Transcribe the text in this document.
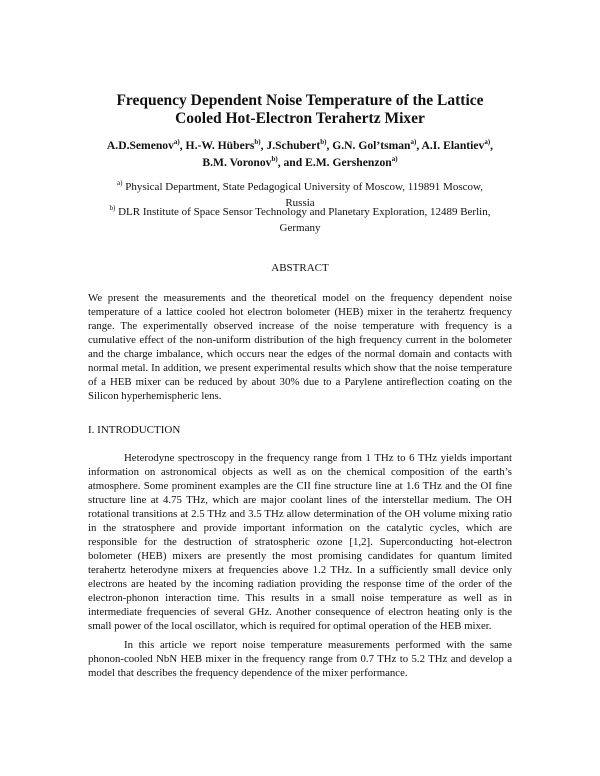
Frequency Dependent Noise Temperature of the Lattice
Cooled Hot-Electron Terahertz Mixer
A.D.Semenov$^{a)}$, H.-W. Hübers$^{b)}$, J.Schubert$^{b)}$, G.N. Gol’tsman$^{a)}$, A.I. Elantiev$^{a)}$,
B.M. Voronov$^{b)}$, and E.M. Gershenzon$^{a)}$
$^{a)}$ Physical Department, State Pedagogical University of Moscow, 119891 Moscow,
Russia
$^{b)}$ DLR Institute of Space Sensor Technology and Planetary Exploration, 12489 Berlin,
Germany
ABSTRACT

We present the measurements and the theoretical model on the frequency dependent noise temperature of a lattice cooled hot electron bolometer (HEB) mixer in the terahertz frequency range. The experimentally observed increase of the noise temperature with frequency is a cumulative effect of the non-uniform distribution of the high frequency current in the bolometer and the charge imbalance, which occurs near the edges of the normal domain and contacts with normal metal. In addition, we present experimental results which show that the noise temperature of a HEB mixer can be reduced by about 30% due to a Parylene antireflection coating on the Silicon hyperhemispheric lens.

I. INTRODUCTION

Heterodyne spectroscopy in the frequency range from 1 THz to 6 THz yields important information on astronomical objects as well as on the chemical composition of the earth’s atmosphere. Some prominent examples are the CII fine structure line at 1.6 THz and the OI fine structure line at 4.75 THz, which are major coolant lines of the interstellar medium. The OH rotational transitions at 2.5 THz and 3.5 THz allow determination of the OH volume mixing ratio in the stratosphere and provide important information on the catalytic cycles, which are responsible for the destruction of stratospheric ozone [1,2]. Superconducting hot-electron bolometer (HEB) mixers are presently the most promising candidates for quantum limited terahertz heterodyne mixers at frequencies above 1.2 THz. In a sufficiently small device only electrons are heated by the incoming radiation providing the response time of the order of the electron-phonon interaction time. This results in a small noise temperature as well as in intermediate frequencies of several GHz. Another consequence of electron heating only is the small power of the local oscillator, which is required for optimal operation of the HEB mixer.

In this article we report noise temperature measurements performed with the same phonon-cooled NbN HEB mixer in the frequency range from 0.7 THz to 5.2 THz and develop a model that describes the frequency dependence of the mixer performance.
